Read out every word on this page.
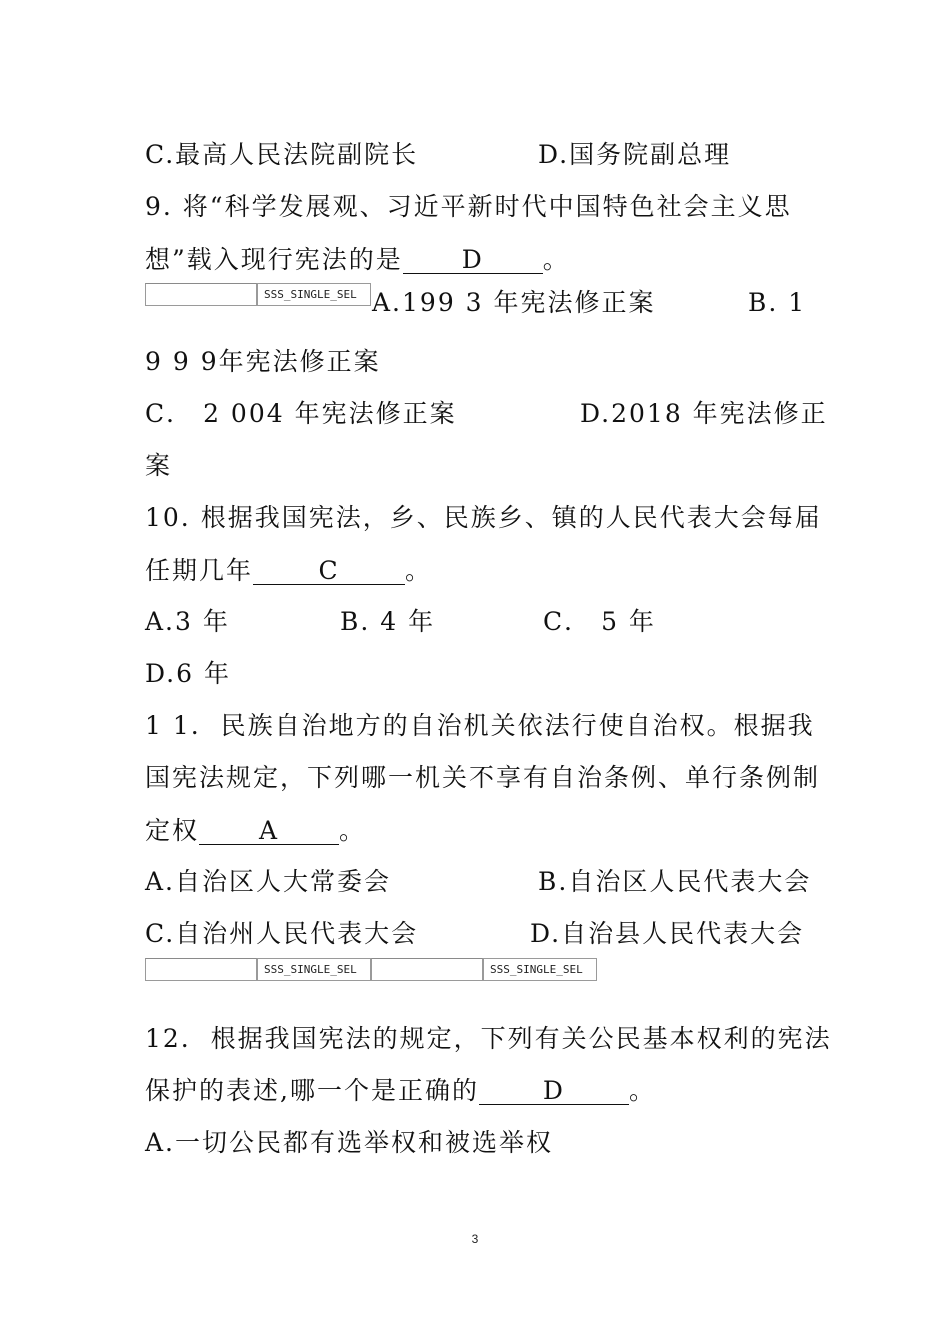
C.最高人民法院副院长	D.国务院副总理
9. 将“科学发展观、习近平新时代中国特色社会主义思
想”载入现行宪法的是 D 。
SSS_SINGLE_SEL A.199 3 年宪法修正案	B. 1
9 9 9年宪法修正案
C． 2 004 年宪法修正案	D.2018 年宪法修正
案
10. 根据我国宪法，乡、民族乡、镇的人民代表大会每届
任期几年	C	。
A.3 年	B. 4 年	C． 5 年
D.6 年
1 1.  民族自治地方的自治机关依法行使自治权。根据我
国宪法规定，下列哪一机关不享有自治条例、单行条例制
定权 A 。
A.自治区人大常委会	B.自治区人民代表大会
C.自治州人民代表大会	D.自治县人民代表大会
SSS_SINGLE_SEL	SSS_SINGLE_SEL
12.  根据我国宪法的规定，下列有关公民基本权利的宪法
保护的表述,哪一个是正确的	D	。
A.一切公民都有选举权和被选举权
3
